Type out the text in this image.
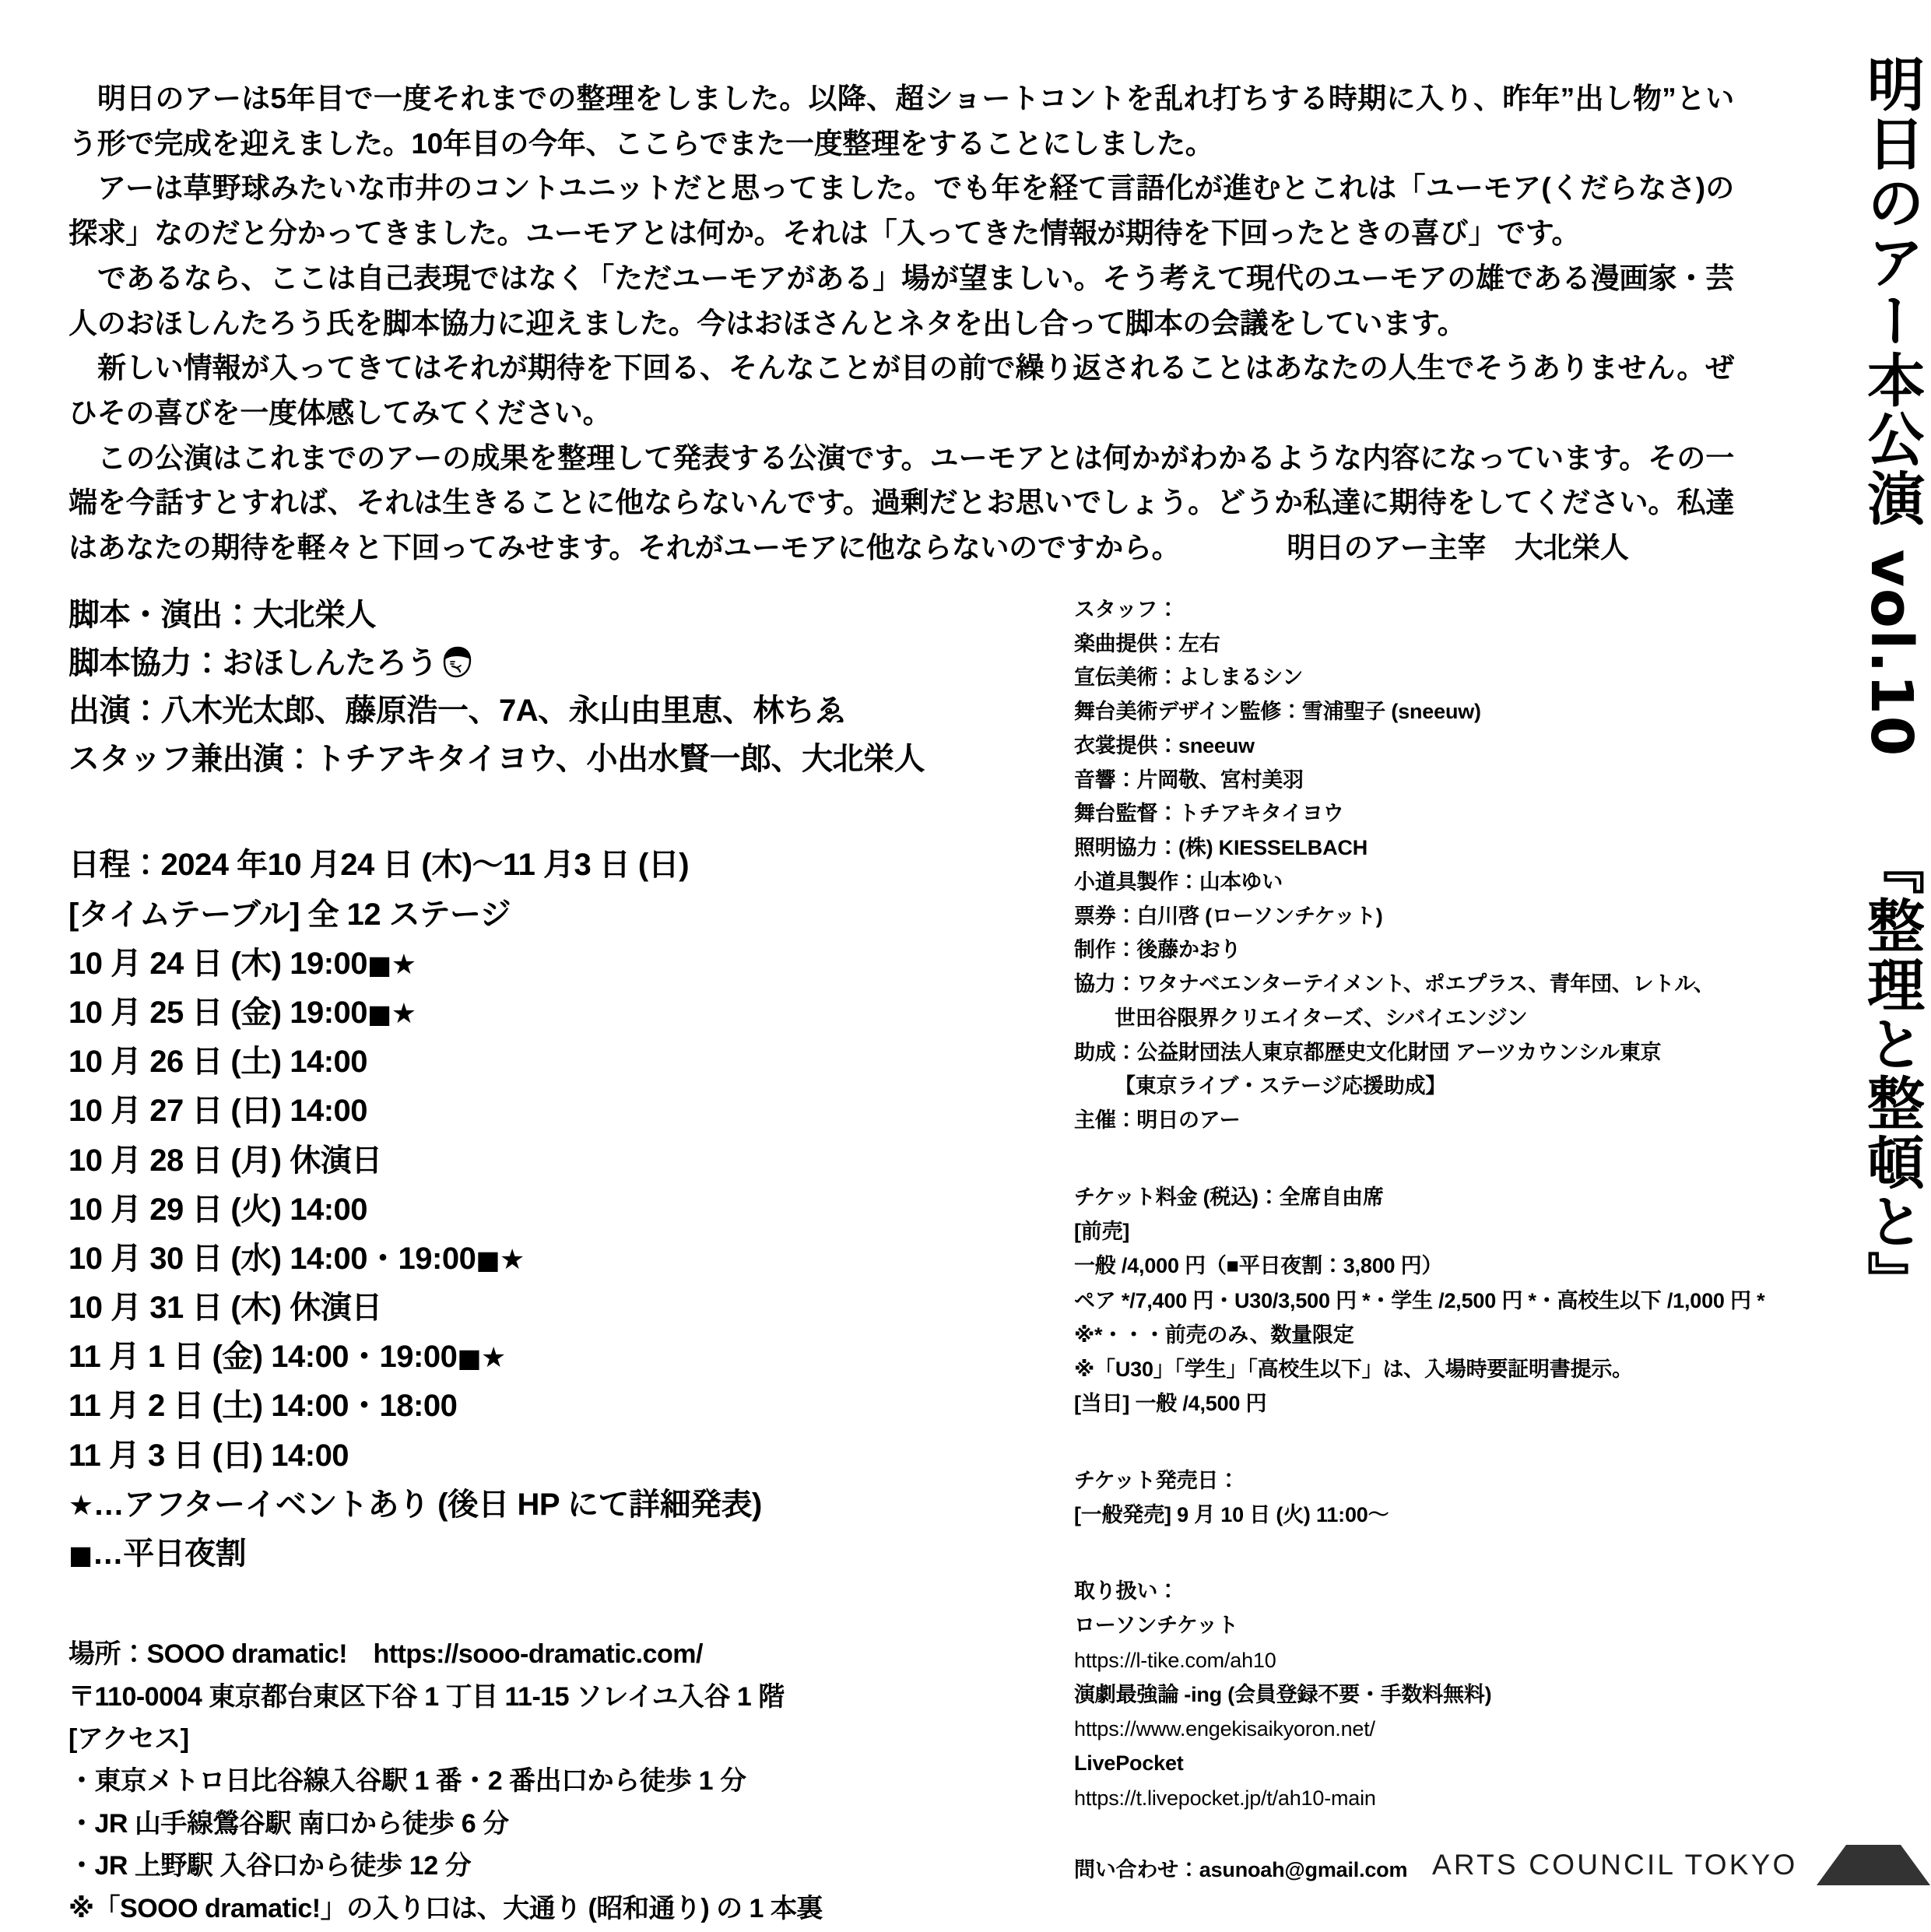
明日のアー本公演 vol.10  『整理と整頓と』

明日のアーは5年目で一度それまでの整理をしました。以降、超ショートコントを乱れ打ちする時期に入り、昨年”出し物”という形で完成を迎えました。10年目の今年、ここらでまた一度整理をすることにしました。

アーは草野球みたいな市井のコントユニットだと思ってました。でも年を経て言語化が進むとこれは「ユーモア(くだらなさ)の探求」なのだと分かってきました。ユーモアとは何か。それは「入ってきた情報が期待を下回ったときの喜び」です。

であるなら、ここは自己表現ではなく「ただユーモアがある」場が望ましい。そう考えて現代のユーモアの雄である漫画家・芸人のおほしんたろう氏を脚本協力に迎えました。今はおほさんとネタを出し合って脚本の会議をしています。

新しい情報が入ってきてはそれが期待を下回る、そんなことが目の前で繰り返されることはあなたの人生でそうありません。ぜひその喜びを一度体感してみてください。

この公演はこれまでのアーの成果を整理して発表する公演です。ユーモアとは何かがわかるような内容になっています。その一端を今話すとすれば、それは生きることに他ならないんです。過剰だとお思いでしょう。どうか私達に期待をしてください。私達はあなたの期待を軽々と下回ってみせます。それがユーモアに他ならないのですから。	明日のアー主宰　大北栄人

脚本・演出：大北栄人
脚本協力：おほしんたろう
出演：八木光太郎、藤原浩一、7A、永山由里恵、林ちゑ
スタッフ兼出演：トチアキタイヨウ、小出水賢一郎、大北栄人
日程：2024 年10 月24 日 (木)〜11 月3 日 (日)
[タイムテーブル] 全 12 ステージ
10 月 24 日 (木) 19:00■★
10 月 25 日 (金) 19:00■★
10 月 26 日 (土) 14:00
10 月 27 日 (日) 14:00
10 月 28 日 (月) 休演日
10 月 29 日 (火) 14:00
10 月 30 日 (水) 14:00・19:00■★
10 月 31 日 (木) 休演日
11 月 1 日 (金) 14:00・19:00■★
11 月 2 日 (土) 14:00・18:00
11 月 3 日 (日) 14:00
★…アフターイベントあり (後日 HP にて詳細発表)
■…平日夜割
場所：SOOO dramatic!　https://sooo-dramatic.com/
〒110-0004 東京都台東区下谷 1 丁目 11-15 ソレイユ入谷 1 階
[アクセス]
・東京メトロ日比谷線入谷駅 1 番・2 番出口から徒歩 1 分
・JR 山手線鶯谷駅 南口から徒歩 6 分
・JR 上野駅 入谷口から徒歩 12 分
※「SOOO dramatic!」の入り口は、大通り (昭和通り) の 1 本裏
スタッフ：
楽曲提供：左右
宣伝美術：よしまるシン
舞台美術デザイン監修：雪浦聖子 (sneeuw)
衣裳提供：sneeuw
音響：片岡敬、宮村美羽
舞台監督：トチアキタイヨウ
照明協力：(株) KIESSELBACH
小道具製作：山本ゆい
票券：白川啓 (ローソンチケット)
制作：後藤かおり
協力：ワタナベエンターテイメント、ポエプラス、青年団、レトル、
世田谷限界クリエイターズ、シバイエンジン
助成：公益財団法人東京都歴史文化財団 アーツカウンシル東京
【東京ライブ・ステージ応援助成】
主催：明日のアー
チケット料金 (税込)：全席自由席
[前売]
一般 /4,000 円（■平日夜割：3,800 円）
ペア */7,400 円・U30/3,500 円 *・学生 /2,500 円 *・高校生以下 /1,000 円 *
※*・・・前売のみ、数量限定
※「U30」「学生」「高校生以下」は、入場時要証明書提示。
[当日] 一般 /4,500 円
チケット発売日：
[一般発売] 9 月 10 日 (火) 11:00〜
取り扱い：
ローソンチケット
https://l-tike.com/ah10
演劇最強論 -ing (会員登録不要・手数料無料)
https://www.engekisaikyoron.net/
LivePocket
https://t.livepocket.jp/t/ah10-main
問い合わせ：asunoah@gmail.com ARTS COUNCIL TOKYO
